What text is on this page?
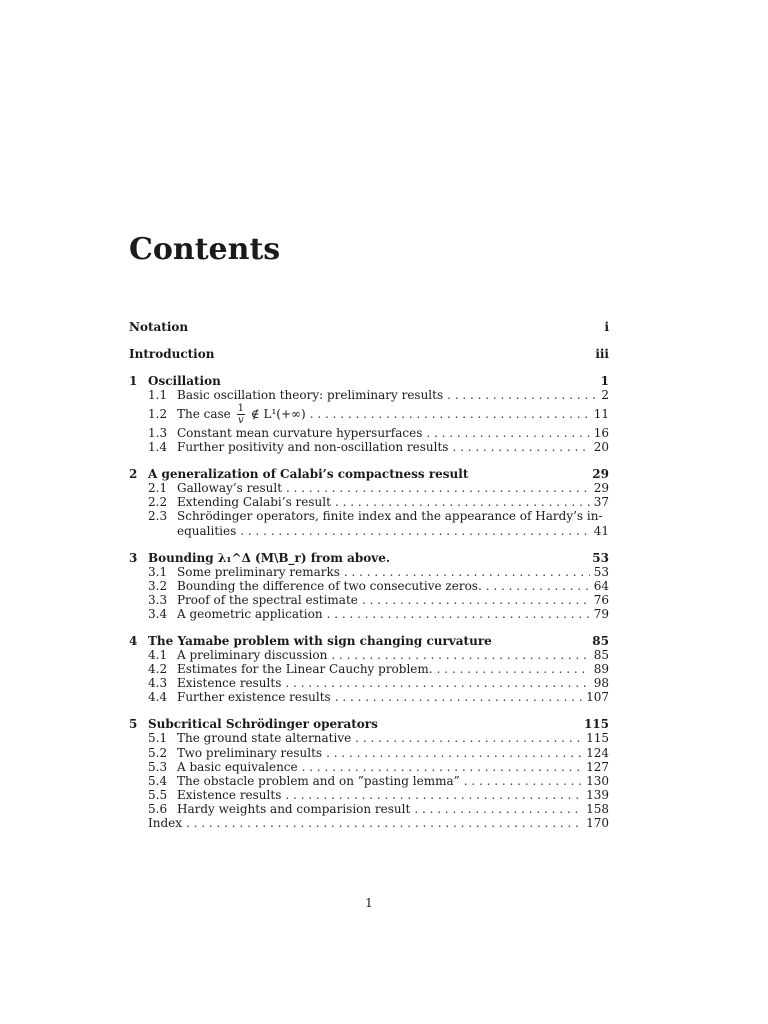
Contents
Notation	i
Introduction	iii
1 Oscillation	1
1.1 Basic oscillation theory: preliminary results . . .	2
1.2 The case $\frac{1}{v}$ ∉ L¹(+∞) . . .	11
1.3 Constant mean curvature hypersurfaces . . .	16
1.4 Further positivity and non-oscillation results . . .	20
2 A generalization of Calabi’s compactness result	29
2.1 Galloway’s result . . .	29
2.2 Extending Calabi’s result . . .	37
2.3 Schrödinger operators, finite index and the appearance of Hardy’s in-
equalities . . .	41
3 Bounding λ₁^Δ (M\B_r) from above.	53
3.1 Some preliminary remarks . . .	53
3.2 Bounding the difference of two consecutive zeros. . . .	64
3.3 Proof of the spectral estimate . . .	76
3.4 A geometric application . . .	79
4 The Yamabe problem with sign changing curvature	85
4.1 A preliminary discussion . . .	85
4.2 Estimates for the Linear Cauchy problem. . . .	89
4.3 Existence results . . .	98
4.4 Further existence results . . .	107
5 Subcritical Schrödinger operators	115
5.1 The ground state alternative . . .	115
5.2 Two preliminary results . . .	124
5.3 A basic equivalence . . .	127
5.4 The obstacle problem and on ”pasting lemma” . . .	130
5.5 Existence results . . .	139
5.6 Hardy weights and comparision result . . .	158
Index . . .	170
1
